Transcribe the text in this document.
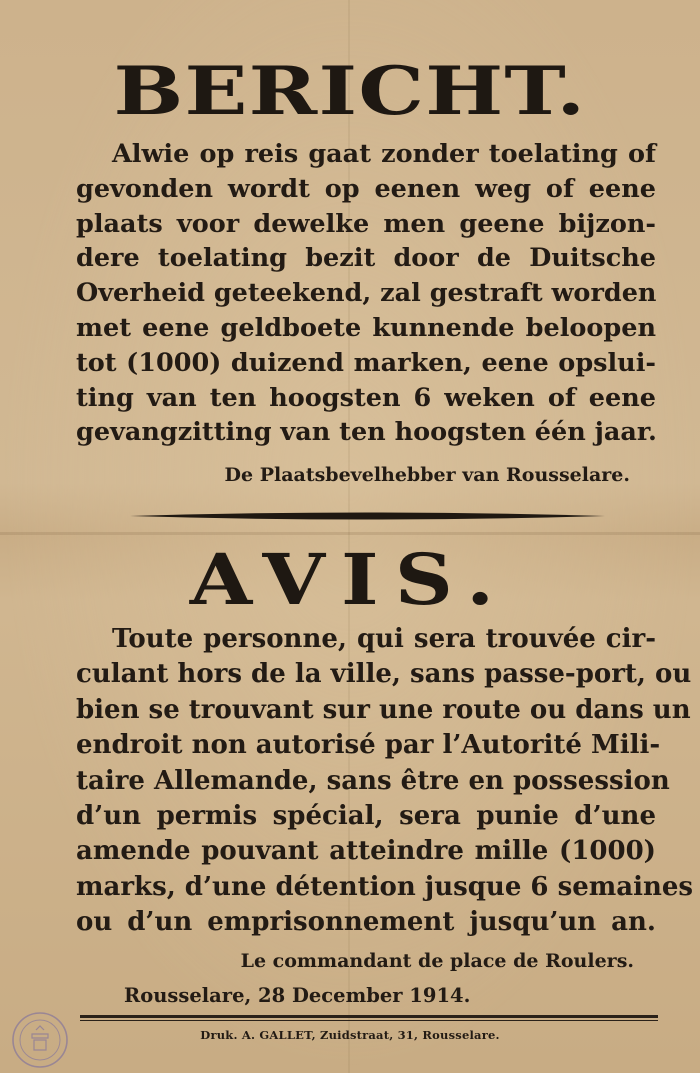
BERICHT.
Alwie op reis gaat zonder toelating of
gevonden wordt op eenen weg of eene
plaats voor dewelke men geene bijzon-
dere toelating bezit door de Duitsche
Overheid geteekend, zal gestraft worden
met eene geldboete kunnende beloopen
tot (1000) duizend marken, eene opslui-
ting van ten hoogsten 6 weken of eene
gevangzitting van ten hoogsten één jaar.

De Plaatsbevelhebber van Rousselare.

AVIS.
Toute personne, qui sera trouvée cir-
culant hors de la ville, sans passe-port, ou
bien se trouvant sur une route ou dans un
endroit non autorisé par l’Autorité Mili-
taire Allemande, sans être en possession
d’un permis spécial, sera punie d’une
amende pouvant atteindre mille (1000)
marks, d’une détention jusque 6 semaines
ou d’un emprisonnement jusqu’un an.

Le commandant de place de Roulers.

Rousselare, 28 December 1914.

Druk. A. GALLET, Zuidstraat, 31, Rousselare.
